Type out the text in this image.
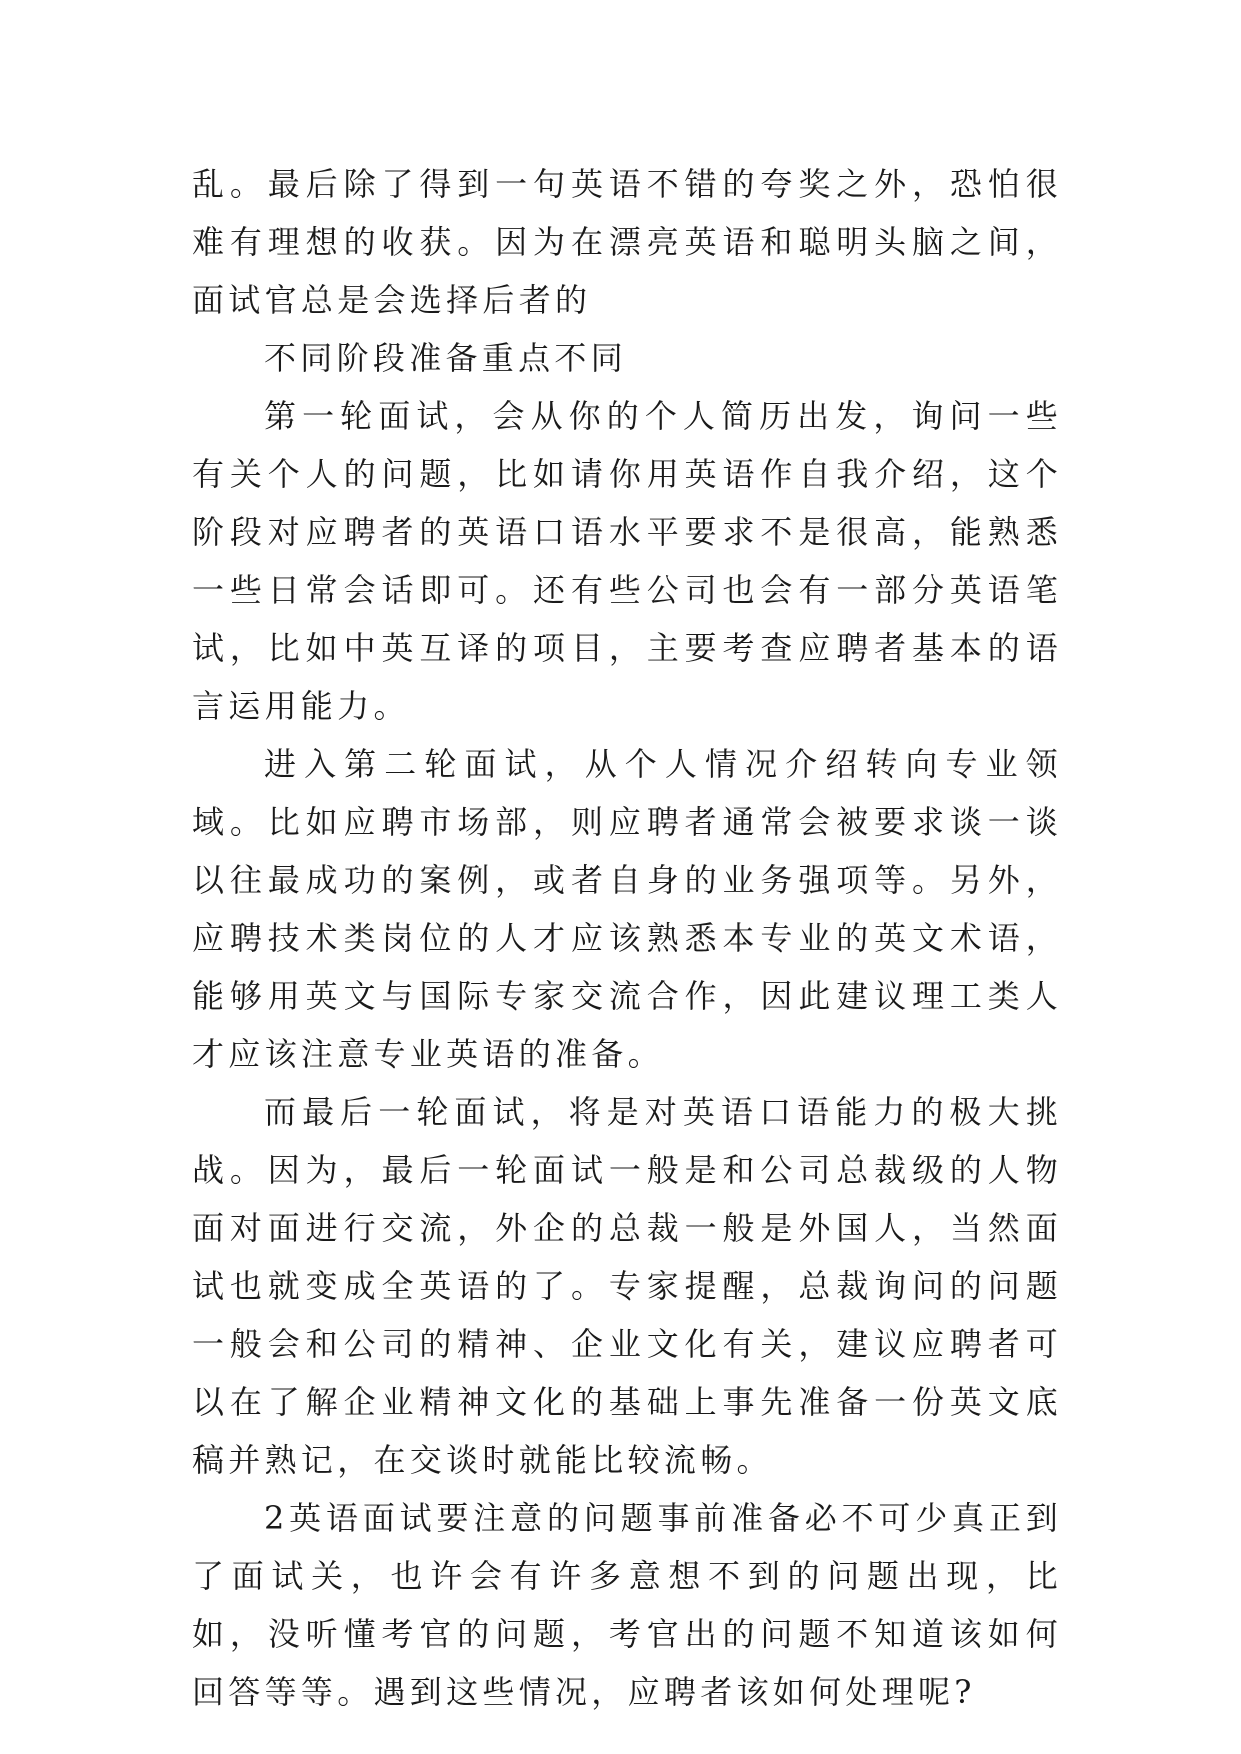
乱。最后除了得到一句英语不错的夸奖之外，恐怕很难有理想的收获。因为在漂亮英语和聪明头脑之间，面试官总是会选择后者的

不同阶段准备重点不同

第一轮面试，会从你的个人简历出发，询问一些有关个人的问题，比如请你用英语作自我介绍，这个阶段对应聘者的英语口语水平要求不是很高，能熟悉一些日常会话即可。还有些公司也会有一部分英语笔试，比如中英互译的项目，主要考查应聘者基本的语言运用能力。

进入第二轮面试，从个人情况介绍转向专业领域。比如应聘市场部，则应聘者通常会被要求谈一谈以往最成功的案例，或者自身的业务强项等。另外，应聘技术类岗位的人才应该熟悉本专业的英文术语，能够用英文与国际专家交流合作，因此建议理工类人才应该注意专业英语的准备。

而最后一轮面试，将是对英语口语能力的极大挑战。因为，最后一轮面试一般是和公司总裁级的人物面对面进行交流，外企的总裁一般是外国人，当然面试也就变成全英语的了。专家提醒，总裁询问的问题一般会和公司的精神、企业文化有关，建议应聘者可以在了解企业精神文化的基础上事先准备一份英文底稿并熟记，在交谈时就能比较流畅。

2英语面试要注意的问题事前准备必不可少真正到了面试关，也许会有许多意想不到的问题出现，比如，没听懂考官的问题，考官出的问题不知道该如何回答等等。遇到这些情况，应聘者该如何处理呢?
